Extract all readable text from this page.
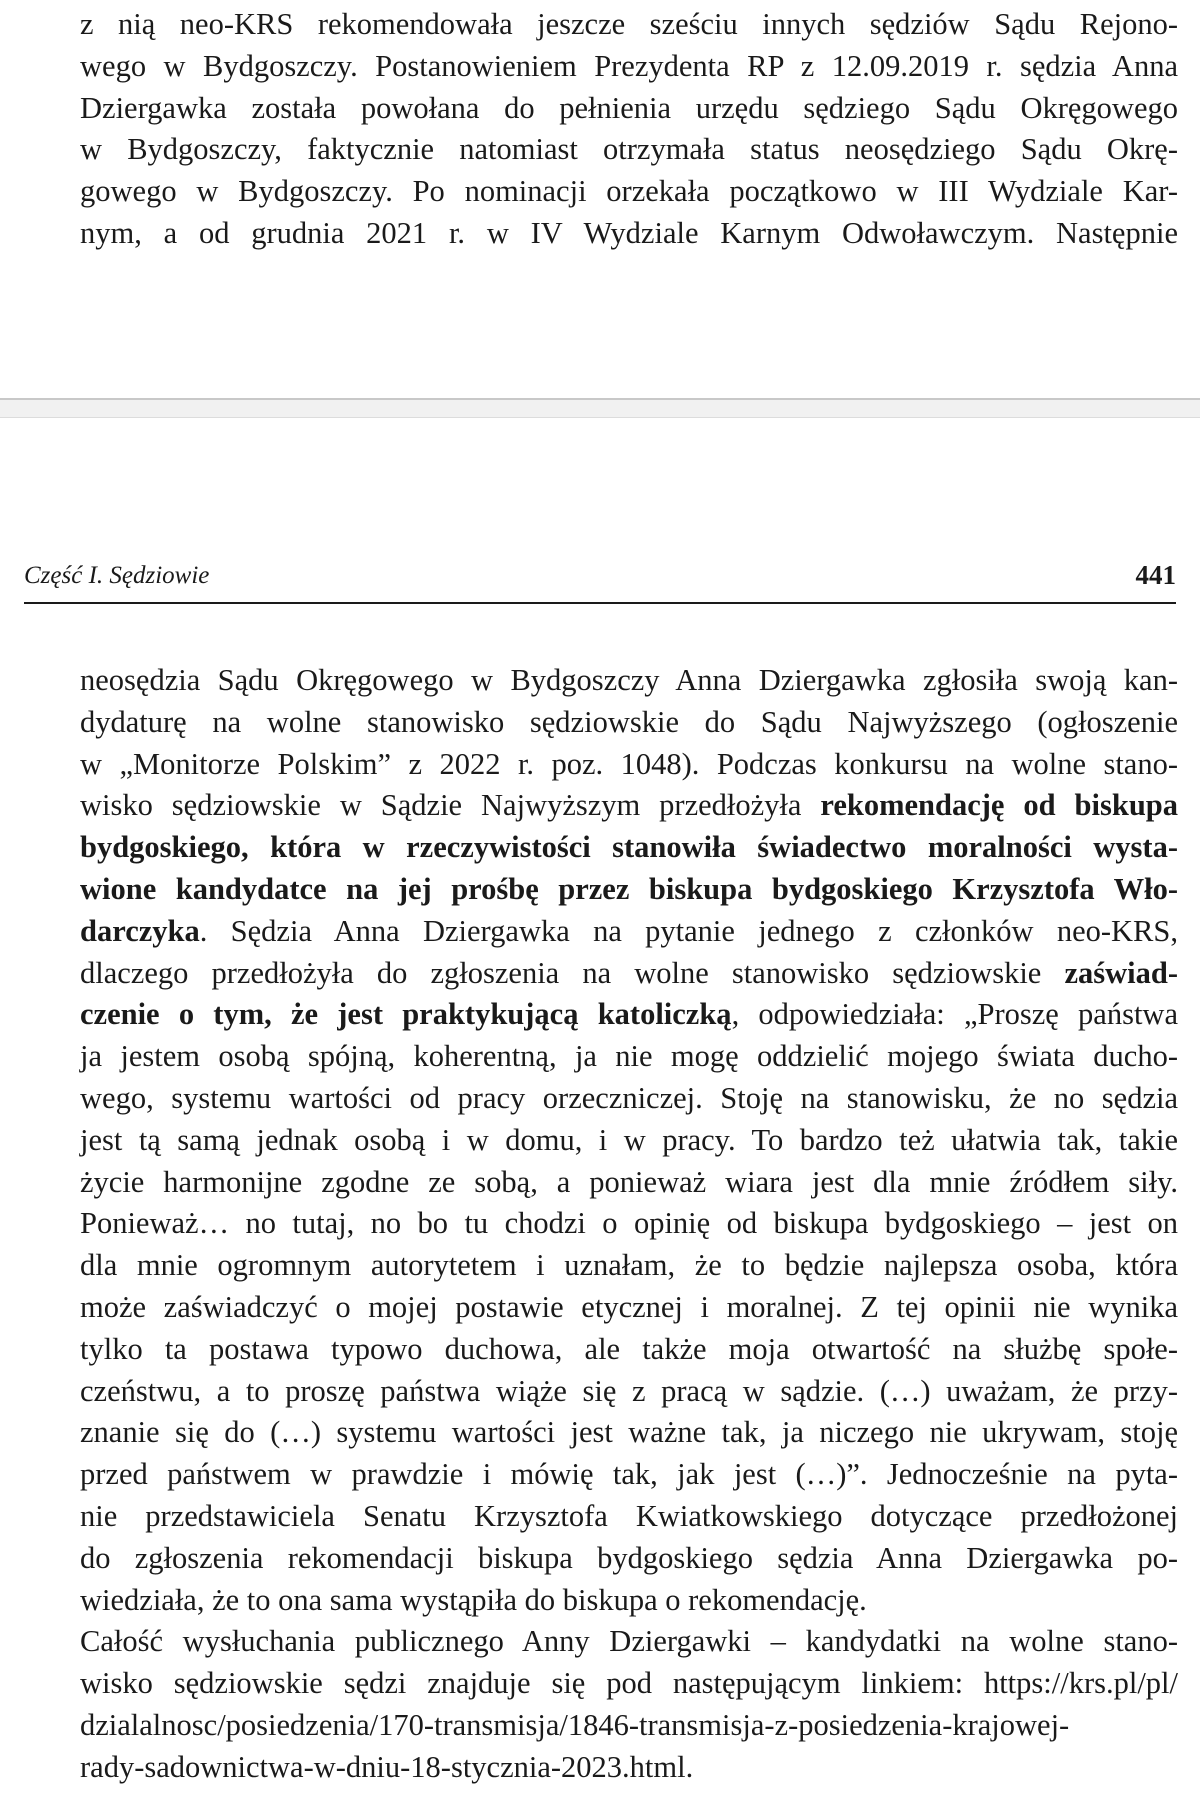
z nią neo-KRS rekomendowała jeszcze sześciu innych sędziów Sądu Rejono-
wego w Bydgoszczy. Postanowieniem Prezydenta RP z 12.09.2019 r. sędzia Anna
Dziergawka została powołana do pełnienia urzędu sędziego Sądu Okręgowego
w Bydgoszczy, faktycznie natomiast otrzymała status neosędziego Sądu Okrę-
gowego w Bydgoszczy. Po nominacji orzekała początkowo w III Wydziale Kar-
nym, a od grudnia 2021 r. w IV Wydziale Karnym Odwoławczym. Następnie
Część I. Sędziowie	441
neosędzia Sądu Okręgowego w Bydgoszczy Anna Dziergawka zgłosiła swoją kan-
dydaturę na wolne stanowisko sędziowskie do Sądu Najwyższego (ogłoszenie
w „Monitorze Polskim” z 2022 r. poz. 1048). Podczas konkursu na wolne stano-
wisko sędziowskie w Sądzie Najwyższym przedłożyła rekomendację od biskupa
bydgoskiego, która w rzeczywistości stanowiła świadectwo moralności wysta-
wione kandydatce na jej prośbę przez biskupa bydgoskiego Krzysztofa Wło-
darczyka. Sędzia Anna Dziergawka na pytanie jednego z członków neo-KRS,
dlaczego przedłożyła do zgłoszenia na wolne stanowisko sędziowskie zaświad-
czenie o tym, że jest praktykującą katoliczką, odpowiedziała: „Proszę państwa
ja jestem osobą spójną, koherentną, ja nie mogę oddzielić mojego świata ducho-
wego, systemu wartości od pracy orzeczniczej. Stoję na stanowisku, że no sędzia
jest tą samą jednak osobą i w domu, i w pracy. To bardzo też ułatwia tak, takie
życie harmonijne zgodne ze sobą, a ponieważ wiara jest dla mnie źródłem siły.
Ponieważ… no tutaj, no bo tu chodzi o opinię od biskupa bydgoskiego – jest on
dla mnie ogromnym autorytetem i uznałam, że to będzie najlepsza osoba, która
może zaświadczyć o mojej postawie etycznej i moralnej. Z tej opinii nie wynika
tylko ta postawa typowo duchowa, ale także moja otwartość na służbę społe-
czeństwu, a to proszę państwa wiąże się z pracą w sądzie. (…) uważam, że przy-
znanie się do (…) systemu wartości jest ważne tak, ja niczego nie ukrywam, stoję
przed państwem w prawdzie i mówię tak, jak jest (…)”. Jednocześnie na pyta-
nie przedstawiciela Senatu Krzysztofa Kwiatkowskiego dotyczące przedłożonej
do zgłoszenia rekomendacji biskupa bydgoskiego sędzia Anna Dziergawka po-
wiedziała, że to ona sama wystąpiła do biskupa o rekomendację.
Całość wysłuchania publicznego Anny Dziergawki – kandydatki na wolne stano-
wisko sędziowskie sędzi znajduje się pod następującym linkiem: https://krs.pl/pl/
dzialalnosc/posiedzenia/170-transmisja/1846-transmisja-z-posiedzenia-krajowej-
rady-sadownictwa-w-dniu-18-stycznia-2023.html.
